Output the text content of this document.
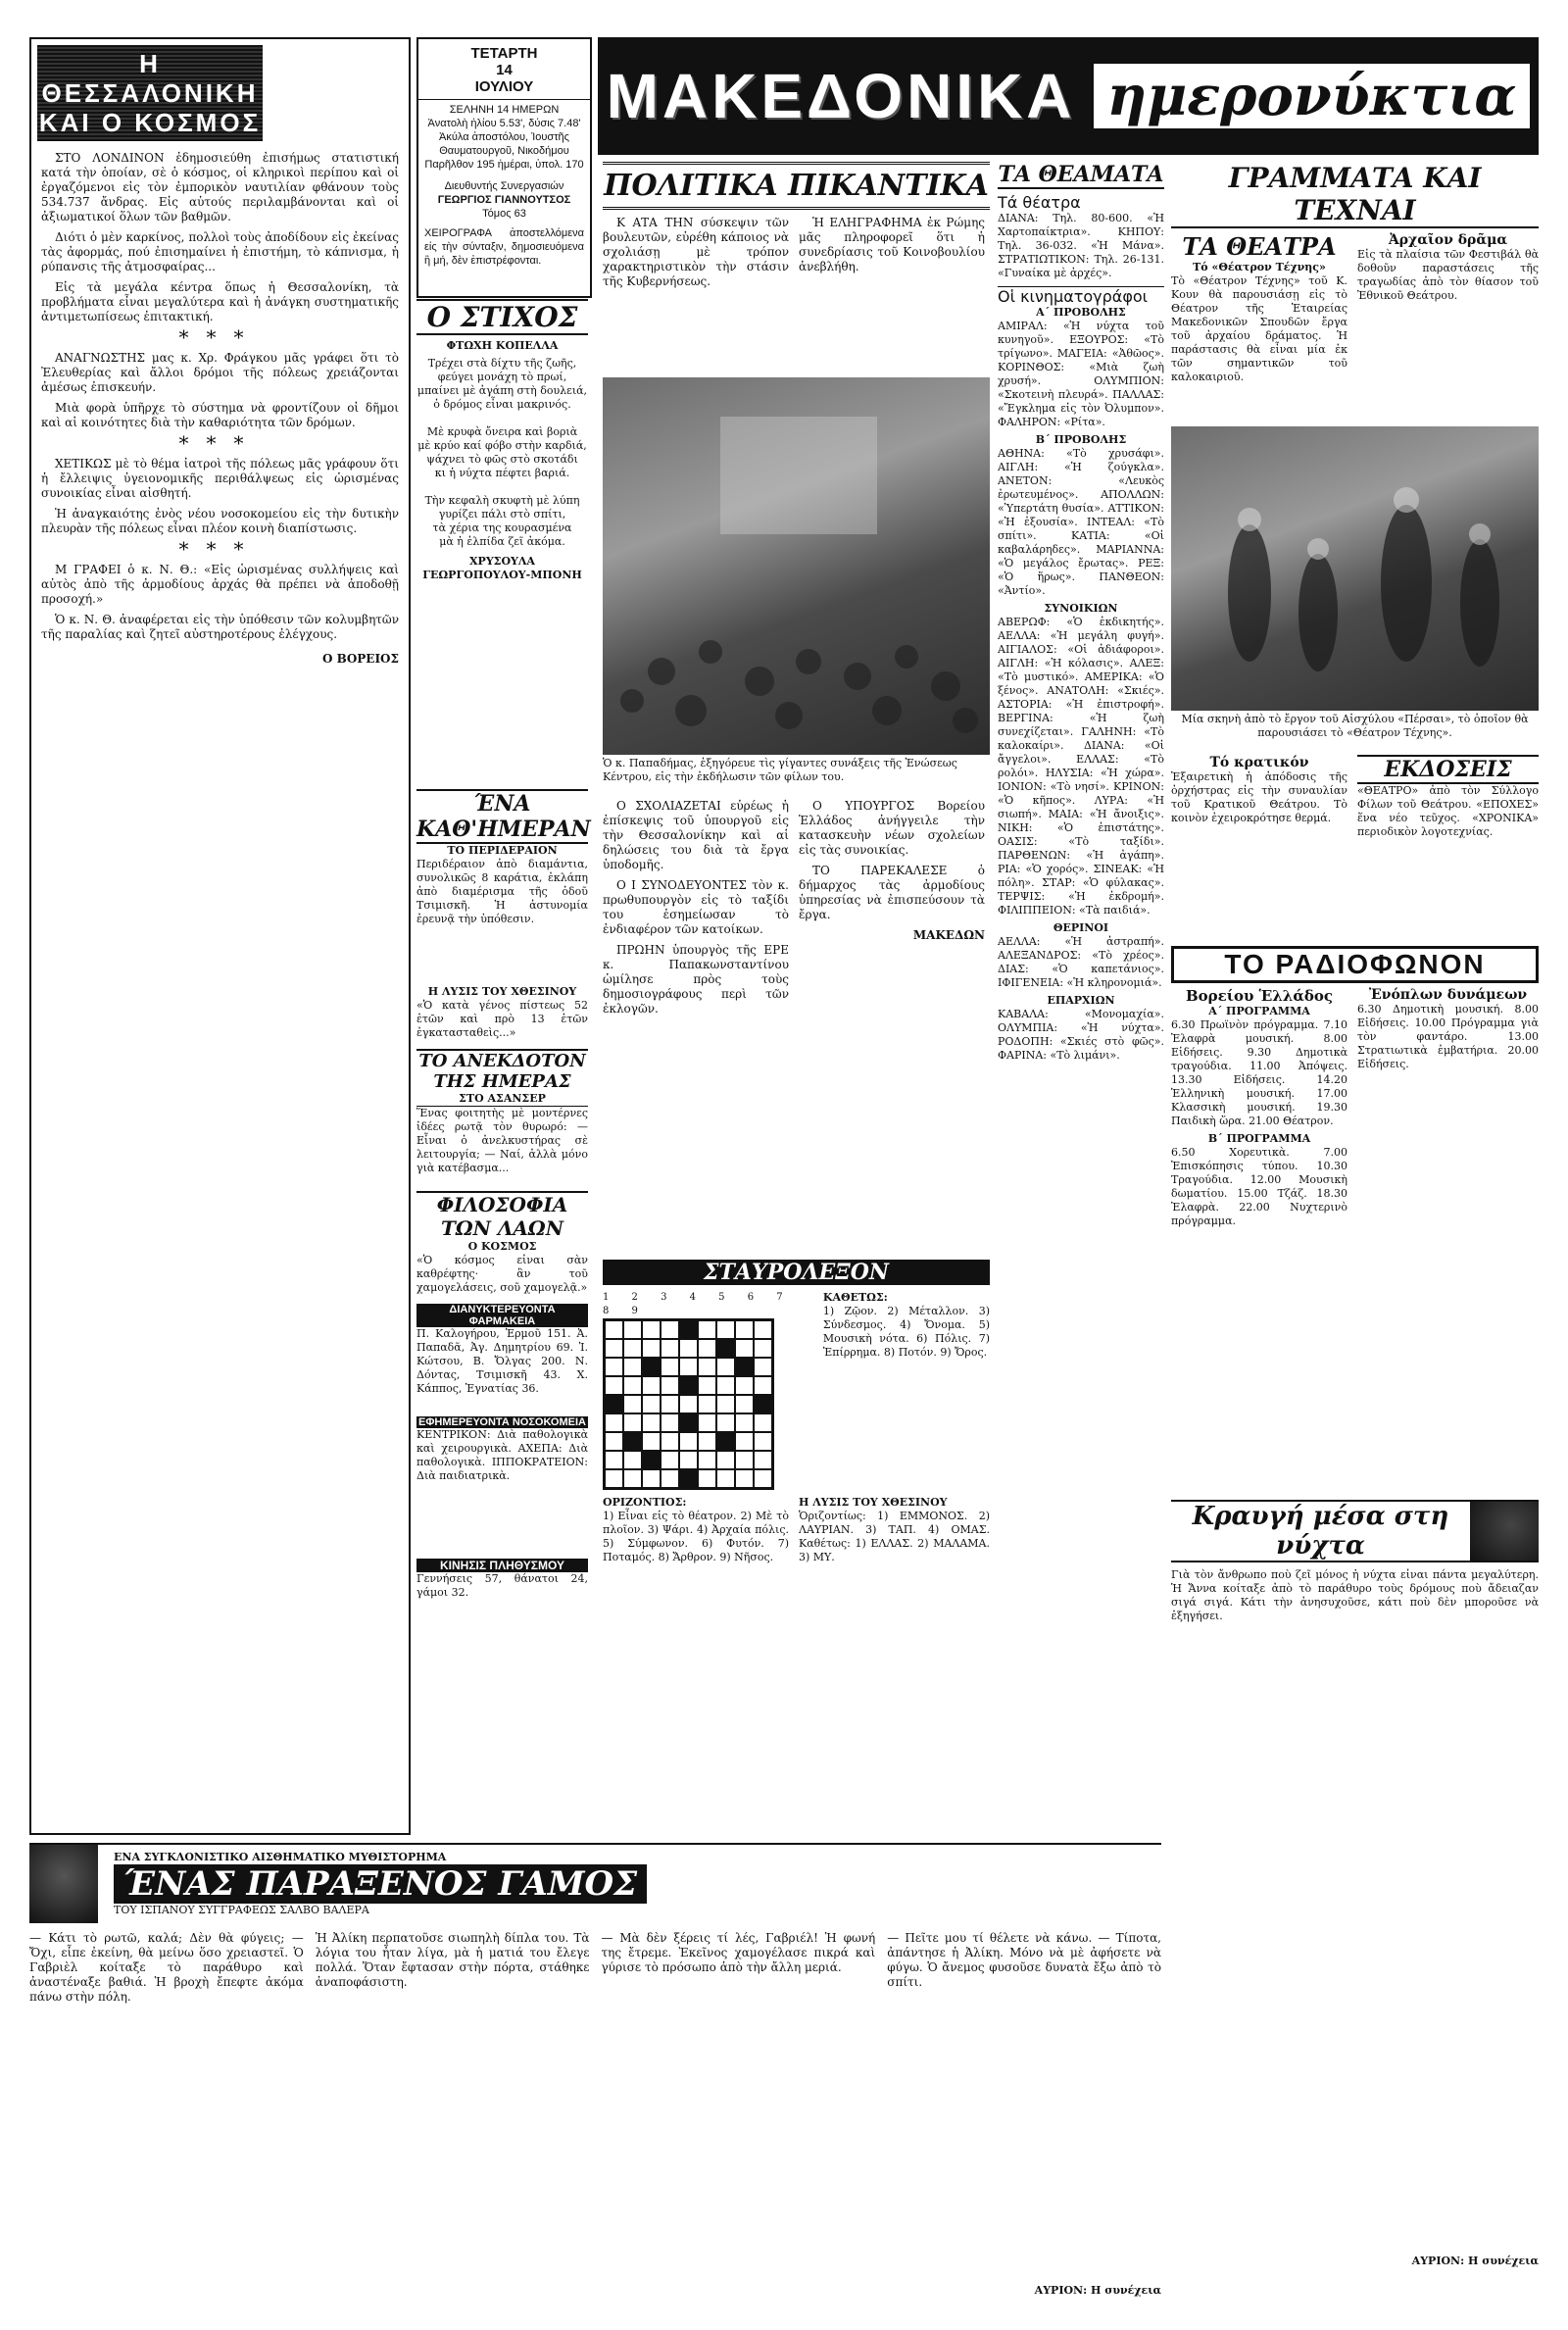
Η ΘΕΣΣΑΛΟΝΙΚΗ
ΚΑΙ Ο ΚΟΣΜΟΣ

ΣΤΟ ΛΟΝΔΙΝΟΝ ἐδημοσιεύθη ἐπισήμως στατιστική κατά τὴν ὁποίαν, σὲ ὁ κόσμος, οἱ κληρικοὶ περίπου καὶ οἱ ἐργαζόμενοι εἰς τὸν ἐμπορικὸν ναυτιλίαν φθάνουν τοὺς 534.737 ἄνδρας. Εἰς αὐτούς περιλαμβάνονται καὶ οἱ ἀξιωματικοί ὅλων τῶν βαθμῶν.

Διότι ὁ μὲν καρκίνος, πολλοὶ τοὺς ἀποδίδουν εἰς ἐκείνας τὰς ἀφορμάς, πού ἐπισημαίνει ἡ ἐπιστήμη, τὸ κάπνισμα, ἡ ρύπανσις τῆς ἀτμοσφαίρας...

Εἰς τὰ μεγάλα κέντρα ὅπως ἡ Θεσσαλονίκη, τὰ προβλήματα εἶναι μεγαλύτερα καὶ ἡ ἀνάγκη συστηματικῆς ἀντιμετωπίσεως ἐπιτακτική.

***

ΑΝΑΓΝΩΣΤΗΣ μας κ. Χρ. Φράγκου μᾶς γράφει ὅτι τὸ Ἐλευθερίας καὶ ἄλλοι δρόμοι τῆς πόλεως χρειάζονται ἀμέσως ἐπισκευήν.

Μιὰ φορὰ ὑπῆρχε τὸ σύστημα νὰ φροντίζουν οἱ δῆμοι καὶ αἱ κοινότητες διὰ τὴν καθαριότητα τῶν δρόμων.

***

ΧΕΤΙΚΩΣ μὲ τὸ θέμα ἰατροὶ τῆς πόλεως μᾶς γράφουν ὅτι ἡ ἔλλειψις ὑγειονομικῆς περιθάλψεως εἰς ὡρισμένας συνοικίας εἶναι αἰσθητή.

Ἡ ἀναγκαιότης ἐνὸς νέου νοσοκομείου εἰς τὴν δυτικὴν πλευρὰν τῆς πόλεως εἶναι πλέον κοινὴ διαπίστωσις.

***

Μ ΓΡΑΦΕΙ ὁ κ. Ν. Θ.: «Εἰς ὡρισμένας συλλήψεις καὶ αὐτὸς ἀπὸ τῆς ἀρμοδίους ἀρχάς θὰ πρέπει νὰ ἀποδοθῇ προσοχή.»

Ὁ κ. Ν. Θ. ἀναφέρεται εἰς τὴν ὑπόθεσιν τῶν κολυμβητῶν τῆς παραλίας καὶ ζητεῖ αὐστηροτέρους ἐλέγχους.

Ο ΒΟΡΕΙΟΣ
ΤΕΤΑΡΤΗ
14
ΙΟΥΛΙΟΥ
ΣΕΛΗΝΗ 14 ΗΜΕΡΩΝ
Ἀνατολὴ ἡλίου 5.53', δύσις 7.48'
Ἀκύλα ἀποστόλου, Ἰουστῆς Θαυματουργοῦ, Νικοδήμου
Παρῆλθον 195 ἡμέραι, ὑπολ. 170
Διευθυντής Συνεργασιών
ΓΕΩΡΓΙΟΣ ΓΙΑΝΝΟΥΤΣΟΣ
Τόμος 63
ΧΕΙΡΟΓΡΑΦΑ ἀποστελλόμενα εἰς τὴν σύνταξιν, δημοσιευόμενα ἢ μή, δὲν ἐπιστρέφονται.
Ο ΣΤΙΧΟΣ
ΦΤΩΧΗ ΚΟΠΕΛΛΑ
Τρέχει στὰ δίχτυ τῆς ζωῆς,
φεύγει μονάχη τὸ πρωί,
μπαίνει μὲ ἀγάπη στὴ δουλειά,
ὁ δρόμος εἶναι μακρινός.

Μὲ κρυφὰ ὄνειρα καὶ βοριὰ
μὲ κρύο καί φόβο στὴν καρδιά,
ψάχνει τὸ φῶς στὸ σκοτάδι
κι ἡ νύχτα πέφτει βαριά.

Τὴν κεφαλὴ σκυφτὴ μὲ λύπη
γυρίζει πάλι στὸ σπίτι,
τὰ χέρια της κουρασμένα
μὰ ἡ ἐλπίδα ζεῖ ἀκόμα.
ΧΡΥΣΟΥΛΑ ΓΕΩΡΓΟΠΟΥΛΟΥ-ΜΠΟΝΗ
ΈΝΑ ΚΑΘ'ΗΜΕΡΑΝ
ΤΟ ΠΕΡΙΔΕΡΑΙΟΝ
Περιδέραιον ἀπὸ διαμάντια, συνολικῶς 8 καράτια, ἐκλάπη ἀπὸ διαμέρισμα τῆς ὁδοῦ Τσιμισκῆ. Ἡ ἀστυνομία ἐρευνᾷ τὴν ὑπόθεσιν.
Η ΛΥΣΙΣ ΤΟΥ ΧΘΕΣΙΝΟΥ
«Ὁ κατὰ γένος πίστεως 52 ἐτῶν καὶ πρὸ 13 ἐτῶν ἐγκατασταθεὶς...»
ΤΟ ΑΝΕΚΔΟΤΟΝ ΤΗΣ ΗΜΕΡΑΣ
ΣΤΟ ΑΣΑΝΣΕΡ
Ἕνας φοιτητὴς μὲ μοντέρνες ἰδέες ρωτᾷ τὸν θυρωρό: — Εἶναι ὁ ἀνελκυστήρας σὲ λειτουργία; — Ναί, ἀλλὰ μόνο γιὰ κατέβασμα...
ΦΙΛΟΣΟΦΙΑ ΤΩΝ ΛΑΩΝ
Ο ΚΟΣΜΟΣ
«Ὁ κόσμος εἶναι σὰν καθρέφτης· ἂν τοῦ χαμογελάσεις, σοῦ χαμογελᾷ.»
ΔΙΑΝΥΚΤΕΡΕΥΟΝΤΑ ΦΑΡΜΑΚΕΙΑ
Π. Καλογήρου, Ἑρμοῦ 151. Ἀ. Παπαδᾶ, Ἀγ. Δημητρίου 69. Ἰ. Κώτσου, Β. Ὄλγας 200. Ν. Δόντας, Τσιμισκῆ 43. Χ. Κάππος, Ἐγνατίας 36.
ΕΦΗΜΕΡΕΥΟΝΤΑ ΝΟΣΟΚΟΜΕΙΑ
ΚΕΝΤΡΙΚΟΝ: Διὰ παθολογικὰ καὶ χειρουργικὰ. ΑΧΕΠΑ: Διὰ παθολογικὰ. ΙΠΠΟΚΡΑΤΕΙΟΝ: Διὰ παιδιατρικὰ.
ΚΙΝΗΣΙΣ ΠΛΗΘΥΣΜΟΥ
Γεννήσεις 57, θάνατοι 24, γάμοι 32.
ΜΑΚΕΔΟΝΙΚΑ ημερονύκτια
ΠΟΛΙΤΙΚΑ ΠΙΚΑΝΤΙΚΑ

Κ ΑΤΑ ΤΗΝ σύσκεψιν τῶν βουλευτῶν, εὑρέθη κάποιος νὰ σχολιάσῃ μὲ τρόπον χαρακτηριστικὸν τὴν στάσιν τῆς Κυβερνήσεως.

Ἡ ΕΛΗΓΡΑΦΗΜΑ ἐκ Ρώμης μᾶς πληροφορεῖ ὅτι ἡ συνεδρίασις τοῦ Κοινοβουλίου ἀνεβλήθη.

Ὁ κ. Παπαδήμας, ἐξηγόρευε τὶς γίγαντες συνάξεις τῆς Ἑνώσεως Κέντρου, εἰς τὴν ἐκδήλωσιν τῶν φίλων του.

Ο ΣΧΟΛΙΑΖΕΤΑΙ εὐρέως ἡ ἐπίσκεψις τοῦ ὑπουργοῦ εἰς τὴν Θεσσαλονίκην καὶ αἱ δηλώσεις του διὰ τὰ ἔργα ὑποδομῆς.

Ο Ι ΣΥΝΟΔΕΥΟΝΤΕΣ τὸν κ. πρωθυπουργὸν εἰς τὸ ταξίδι του ἐσημείωσαν τὸ ἐνδιαφέρον τῶν κατοίκων.

ΠΡΩΗΝ ὑπουργὸς τῆς ΕΡΕ κ. Παπακωνσταντίνου ὡμίλησε πρὸς τοὺς δημοσιογράφους περὶ τῶν ἐκλογῶν.

Ο ΥΠΟΥΡΓΟΣ Βορείου Ἑλλάδος ἀνήγγειλε τὴν κατασκευὴν νέων σχολείων εἰς τὰς συνοικίας.

ΤΟ ΠΑΡΕΚΑΛΕΣΕ ὁ δήμαρχος τὰς ἀρμοδίους ὑπηρεσίας νὰ ἐπισπεύσουν τὰ ἔργα.

ΜΑΚΕΔΩΝ
ΣΤΑΥΡΟΛΕΞΟΝ
1 2 3 4 5 6 7 8 9
ΚΑΘΕΤΩΣ:
1) Ζῷον. 2) Μέταλλον. 3) Σύνδεσμος. 4) Ὄνομα. 5) Μουσικὴ νότα. 6) Πόλις. 7) Ἐπίρρημα. 8) Ποτόν. 9) Ὄρος.
ΟΡΙΖΟΝΤΙΟΣ:
1) Εἶναι εἰς τὸ θέατρον. 2) Μὲ τὸ πλοῖον. 3) Ψάρι. 4) Ἀρχαία πόλις. 5) Σύμφωνον. 6) Φυτόν. 7) Ποταμός. 8) Ἄρθρον. 9) Νῆσος.
Η ΛΥΣΙΣ ΤΟΥ ΧΘΕΣΙΝΟΥ
Ὁριζοντίως: 1) ΕΜΜΟΝΟΣ. 2) ΛΑΥΡΙΑΝ. 3) ΤΑΠ. 4) ΟΜΑΣ. Καθέτως: 1) ΕΛΛΑΣ. 2) ΜΑΛΑΜΑ. 3) ΜΥ.
ΤΑ ΘΕΑΜΑΤΑ
Τά θέατρα
ΔΙΑΝΑ: Τηλ. 80-600. «Ἡ Χαρτοπαίκτρια». ΚΗΠΟΥ: Τηλ. 36-032. «Ἡ Μάνα». ΣΤΡΑΤΙΩΤΙΚΟΝ: Τηλ. 26-131. «Γυναίκα μὲ ἀρχές».
Οἱ κινηματογράφοι
Α΄ ΠΡΟΒΟΛΗΣ
ΑΜΙΡΑΛ: «Ἡ νύχτα τοῦ κυνηγοῦ». ΕΞΟΥΡΟΣ: «Τὸ τρίγωνο». ΜΑΓΕΙΑ: «Ἀθῶος». ΚΟΡΙΝΘΟΣ: «Μιὰ ζωὴ χρυσή». ΟΛΥΜΠΙΟΝ: «Σκοτεινὴ πλευρά». ΠΑΛΛΑΣ: «Ἔγκλημα εἰς τὸν Ὀλυμπον». ΦΑΛΗΡΟΝ: «Ρίτα».
Β΄ ΠΡΟΒΟΛΗΣ
ΑΘΗΝΑ: «Τὸ χρυσάφι». ΑΙΓΛΗ: «Ἡ ζούγκλα». ΑΝΕΤΟΝ: «Λευκὸς ἐρωτευμένος». ΑΠΟΛΛΩΝ: «Ὑπερτάτη θυσία». ΑΤΤΙΚΟΝ: «Ἡ ἐξουσία». ΙΝΤΕΑΛ: «Τὸ σπίτι». ΚΑΤΙΑ: «Οἱ καβαλάρηδες». ΜΑΡΙΑΝΝΑ: «Ὁ μεγάλος ἔρωτας». ΡΕΞ: «Ὁ ἥρως». ΠΑΝΘΕΟΝ: «Ἀντίο».
ΣΥΝΟΙΚΙΩΝ
ΑΒΕΡΩΦ: «Ὁ ἐκδικητής». ΑΕΛΛΑ: «Ἡ μεγάλη φυγή». ΑΙΓΙΑΛΟΣ: «Οἱ ἀδιάφοροι». ΑΙΓΛΗ: «Ἡ κόλασις». ΑΛΕΞ: «Τὸ μυστικό». ΑΜΕΡΙΚΑ: «Ὁ ξένος». ΑΝΑΤΟΛΗ: «Σκιές». ΑΣΤΟΡΙΑ: «Ἡ ἐπιστροφή». ΒΕΡΓΙΝΑ: «Ἡ ζωὴ συνεχίζεται». ΓΑΛΗΝΗ: «Τὸ καλοκαίρι». ΔΙΑΝΑ: «Οἱ ἄγγελοι». ΕΛΛΑΣ: «Τὸ ρολόι». ΗΛΥΣΙΑ: «Ἡ χώρα». ΙΟΝΙΟΝ: «Τὸ νησί». ΚΡΙΝΟΝ: «Ὁ κῆπος». ΛΥΡΑ: «Ἡ σιωπή». ΜΑΙΑ: «Ἡ ἄνοιξις». ΝΙΚΗ: «Ὁ ἐπιστάτης». ΟΑΣΙΣ: «Τὸ ταξίδι». ΠΑΡΘΕΝΩΝ: «Ἡ ἀγάπη». ΡΙΑ: «Ὁ χορός». ΣΙΝΕΑΚ: «Ἡ πόλη». ΣΤΑΡ: «Ὁ φύλακας». ΤΕΡΨΙΣ: «Ἡ ἐκδρομή». ΦΙΛΙΠΠΕΙΟΝ: «Τὰ παιδιά».
ΘΕΡΙΝΟΙ
ΑΕΛΛΑ: «Ἡ ἀστραπή». ΑΛΕΞΑΝΔΡΟΣ: «Τὸ χρέος». ΔΙΑΣ: «Ὁ καπετάνιος». ΙΦΙΓΕΝΕΙΑ: «Ἡ κληρονομιά».
ΕΠΑΡΧΙΩΝ
ΚΑΒΑΛΑ: «Μονομαχία». ΟΛΥΜΠΙΑ: «Ἡ νύχτα». ΡΟΔΟΠΗ: «Σκιές στὸ φῶς». ΦΑΡΙΝΑ: «Τὸ λιμάνι».
ΓΡΑΜΜΑΤΑ ΚΑΙ ΤΕΧΝΑΙ
ΤΑ ΘΕΑΤΡΑ
Τό «Θέατρον Τέχνης»
Τὸ «Θέατρον Τέχνης» τοῦ Κ. Κουν θὰ παρουσιάσῃ εἰς τὸ Θέατρον τῆς Ἑταιρείας Μακεδονικῶν Σπουδῶν ἔργα τοῦ ἀρχαίου δράματος. Ἡ παράστασις θὰ εἶναι μία ἐκ τῶν σημαντικῶν τοῦ καλοκαιριοῦ.
Ἀρχαῖον δρᾶμα
Εἰς τὰ πλαίσια τῶν Φεστιβάλ θὰ δοθοῦν παραστάσεις τῆς τραγωδίας ἀπὸ τὸν θίασον τοῦ Ἐθνικοῦ Θεάτρου.
Μία σκηνὴ ἀπὸ τὸ ἔργον τοῦ Αἰσχύλου «Πέρσαι», τὸ ὁποῖον θὰ παρουσιάσει τὸ «Θέατρον Τέχνης».
Τό κρατικόν
Ἐξαιρετικὴ ἡ ἀπόδοσις τῆς ὀρχήστρας εἰς τὴν συναυλίαν τοῦ Κρατικοῦ Θεάτρου. Τὸ κοινὸν ἐχειροκρότησε θερμά.
ΕΚΔΟΣΕΙΣ
«ΘΕΑΤΡΟ» ἀπὸ τὸν Σύλλογο Φίλων τοῦ Θεάτρου. «ΕΠΟΧΕΣ» ἕνα νέο τεῦχος. «ΧΡΟΝΙΚΑ» περιοδικὸν λογοτεχνίας.
ΤΟ ΡΑΔΙΟΦΩΝΟΝ
Βορείου Ἑλλάδος
Α΄ ΠΡΟΓΡΑΜΜΑ
6.30 Πρωϊνὸν πρόγραμμα. 7.10 Ἐλαφρὰ μουσική. 8.00 Εἰδήσεις. 9.30 Δημοτικὰ τραγούδια. 11.00 Ἀπόψεις. 13.30 Εἰδήσεις. 14.20 Ἑλληνικὴ μουσική. 17.00 Κλασσικὴ μουσική. 19.30 Παιδικὴ ὥρα. 21.00 Θέατρον.
Β΄ ΠΡΟΓΡΑΜΜΑ
6.50 Χορευτικὰ. 7.00 Ἐπισκόπησις τύπου. 10.30 Τραγούδια. 12.00 Μουσικὴ δωματίου. 15.00 Τζάζ. 18.30 Ἐλαφρὰ. 22.00 Νυχτερινὸ πρόγραμμα.
Ἐνόπλων δυνάμεων
6.30 Δημοτικὴ μουσική. 8.00 Εἰδήσεις. 10.00 Πρόγραμμα γιὰ τὸν φαντάρο. 13.00 Στρατιωτικὰ ἐμβατήρια. 20.00 Εἰδήσεις.
Κραυγή μέσα στη νύχτα
Γιὰ τὸν ἄνθρωπο ποὺ ζεῖ μόνος ἡ νύχτα εἶναι πάντα μεγαλύτερη. Ἡ Ἄννα κοίταξε ἀπὸ τὸ παράθυρο τοὺς δρόμους ποὺ ἄδειαζαν σιγά σιγά. Κάτι τὴν ἀνησυχοῦσε, κάτι ποὺ δὲν μποροῦσε νὰ ἐξηγήσει.
ΑΥΡΙΟΝ: Η συνέχεια
ΕΝΑ ΣΥΓΚΛΟΝΙΣΤΙΚΟ ΑΙΣΘΗΜΑΤΙΚΟ ΜΥΘΙΣΤΟΡΗΜΑ
ΈΝΑΣ ΠΑΡΑΞΕΝΟΣ ΓΑΜΟΣ
ΤΟΥ ΙΣΠΑΝΟΥ ΣΥΓΓΡΑΦΕΩΣ ΣΑΛΒΟ ΒΑΛΕΡΑ
— Κάτι τὸ ρωτῶ, καλά; Δὲν θὰ φύγεις; — Ὄχι, εἶπε ἐκείνη, θὰ μείνω ὅσο χρειαστεῖ. Ὁ Γαβριὲλ κοίταξε τὸ παράθυρο καὶ ἀναστέναξε βαθιά. Ἡ βροχὴ ἔπεφτε ἀκόμα πάνω στὴν πόλη.
Ἡ Ἀλίκη περπατοῦσε σιωπηλὴ δίπλα του. Τὰ λόγια του ἦταν λίγα, μὰ ἡ ματιά του ἔλεγε πολλά. Ὅταν ἔφτασαν στὴν πόρτα, στάθηκε ἀναποφάσιστη.
— Μὰ δὲν ξέρεις τί λές, Γαβριέλ! Ἡ φωνή της ἔτρεμε. Ἐκεῖνος χαμογέλασε πικρά καὶ γύρισε τὸ πρόσωπο ἀπὸ τὴν ἄλλη μεριά.
— Πεῖτε μου τί θέλετε νὰ κάνω. — Τίποτα, ἀπάντησε ἡ Ἀλίκη. Μόνο νὰ μὲ ἀφήσετε νὰ φύγω. Ὁ ἄνεμος φυσοῦσε δυνατὰ ἔξω ἀπὸ τὸ σπίτι.
ΑΥΡΙΟΝ: Η συνέχεια
